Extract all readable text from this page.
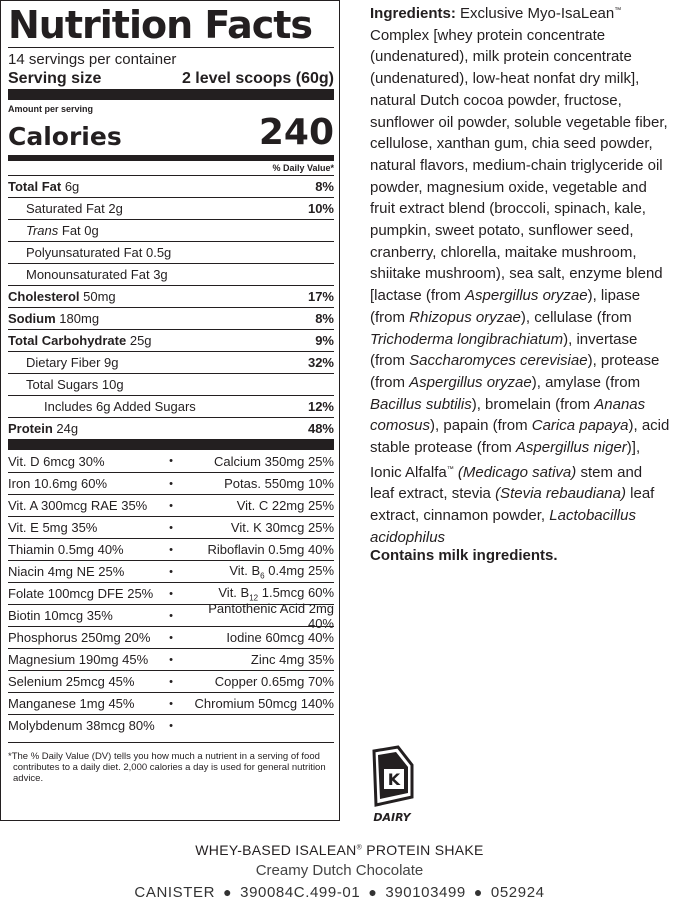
Nutrition Facts
14 servings per container
Serving size	2 level scoops (60g)
Amount per serving
Calories	240
% Daily Value*
Total Fat 6g	8%
Saturated Fat 2g	10%
Trans Fat 0g
Polyunsaturated Fat 0.5g
Monounsaturated Fat 3g
Cholesterol 50mg	17%
Sodium 180mg	8%
Total Carbohydrate 25g	9%
Dietary Fiber 9g	32%
Total Sugars 10g
Includes 6g Added Sugars	12%
Protein 24g	48%
Vit. D 6mcg 30%	•	Calcium 350mg 25%
Iron 10.6mg 60%	•	Potas. 550mg 10%
Vit. A 300mcg RAE 35%	•	Vit. C 22mg 25%
Vit. E 5mg 35%	•	Vit. K 30mcg 25%
Thiamin 0.5mg 40%	•	Riboflavin 0.5mg 40%
Niacin 4mg NE 25%	•	Vit. $B_6$ 0.4mg 25%
Folate 100mcg DFE 25%	•	Vit. $B_{12}$ 1.5mcg 60%
Biotin 10mcg 35%	•	Pantothenic Acid 2mg 40%
Phosphorus 250mg 20%	•	Iodine 60mcg 40%
Magnesium 190mg 45%	•	Zinc 4mg 35%
Selenium 25mcg 45%	•	Copper 0.65mg 70%
Manganese 1mg 45%	•	Chromium 50mcg 140%
Molybdenum 38mcg 80%	•
*The % Daily Value (DV) tells you how much a nutrient in a serving of food contributes to a daily diet. 2,000 calories a day is used for general nutrition advice.
Ingredients: Exclusive Myo-IsaLean™ Complex [whey protein concentrate (undenatured), milk protein concentrate (undenatured), low-heat nonfat dry milk], natural Dutch cocoa powder, fructose, sunflower oil powder, soluble vegetable fiber, cellulose, xanthan gum, chia seed powder, natural flavors, medium-chain triglyceride oil powder, magnesium oxide, vegetable and fruit extract blend (broccoli, spinach, kale, pumpkin, sweet potato, sunflower seed, cranberry, chlorella, maitake mushroom, shiitake mushroom), sea salt, enzyme blend [lactase (from Aspergillus oryzae), lipase (from Rhizopus oryzae), cellulase (from Trichoderma longibrachiatum), invertase (from Saccharomyces cerevisiae), protease (from Aspergillus oryzae), amylase (from Bacillus subtilis), bromelain (from Ananas comosus), papain (from Carica papaya), acid stable protease (from Aspergillus niger)], Ionic Alfalfa™ (Medicago sativa) stem and leaf extract, stevia (Stevia rebaudiana) leaf extract, cinnamon powder, Lactobacillus acidophilus
Contains milk ingredients.
K
DAIRY
WHEY-BASED ISALEAN® PROTEIN SHAKE
Creamy Dutch Chocolate
CANISTER ● 390084C.499-01 ● 390103499 ● 052924
